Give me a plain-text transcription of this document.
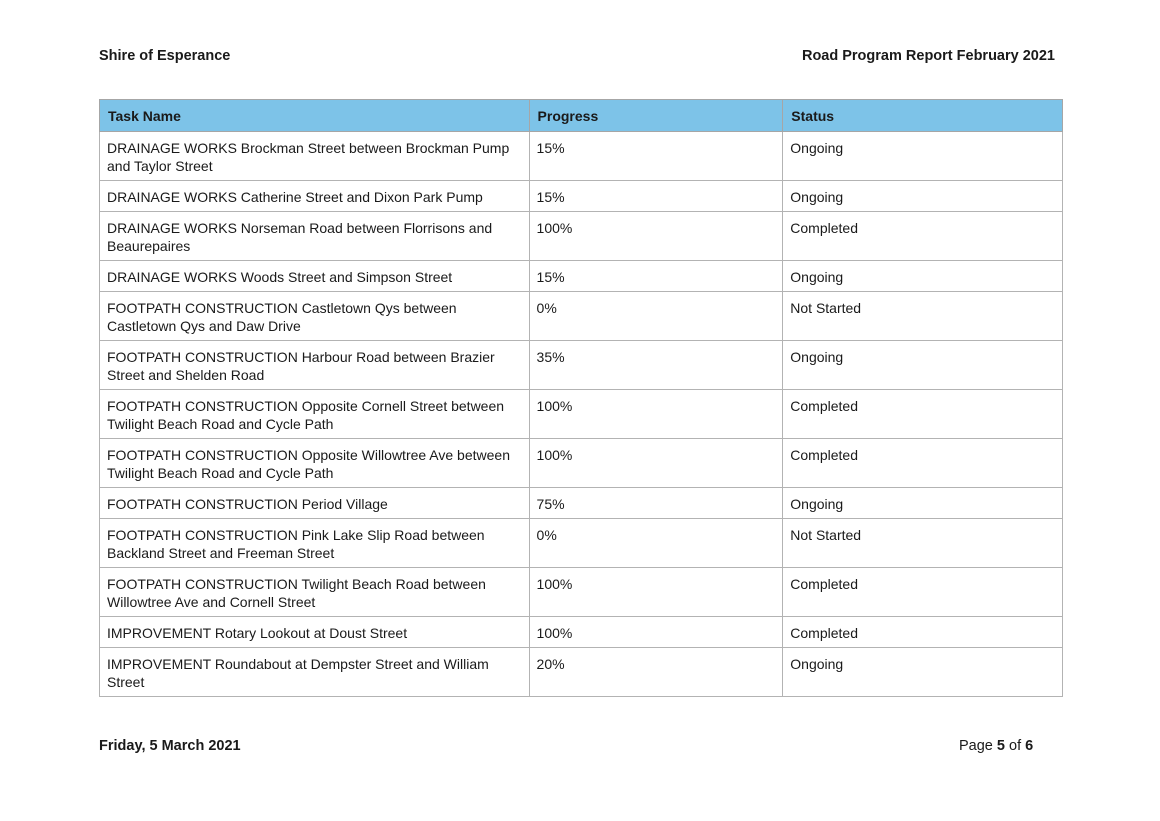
Shire of Esperance	Road Program Report February 2021
Task Name	Progress	Status
DRAINAGE WORKS Brockman Street between Brockman Pump and Taylor Street	15%	Ongoing
DRAINAGE WORKS Catherine Street and Dixon Park Pump	15%	Ongoing
DRAINAGE WORKS Norseman Road between Florrisons and Beaurepaires	100%	Completed
DRAINAGE WORKS Woods Street and Simpson Street	15%	Ongoing
FOOTPATH CONSTRUCTION Castletown Qys between Castletown Qys and Daw Drive	0%	Not Started
FOOTPATH CONSTRUCTION Harbour Road between Brazier Street and Shelden Road	35%	Ongoing
FOOTPATH CONSTRUCTION Opposite Cornell Street between Twilight Beach Road and Cycle Path	100%	Completed
FOOTPATH CONSTRUCTION Opposite Willowtree Ave between Twilight Beach Road and Cycle Path	100%	Completed
FOOTPATH CONSTRUCTION Period Village	75%	Ongoing
FOOTPATH CONSTRUCTION Pink Lake Slip Road between Backland Street and Freeman Street	0%	Not Started
FOOTPATH CONSTRUCTION Twilight Beach Road between Willowtree Ave and Cornell Street	100%	Completed
IMPROVEMENT Rotary Lookout at Doust Street	100%	Completed
IMPROVEMENT Roundabout at Dempster Street and William Street	20%	Ongoing
Friday, 5 March 2021	Page 5 of 6
